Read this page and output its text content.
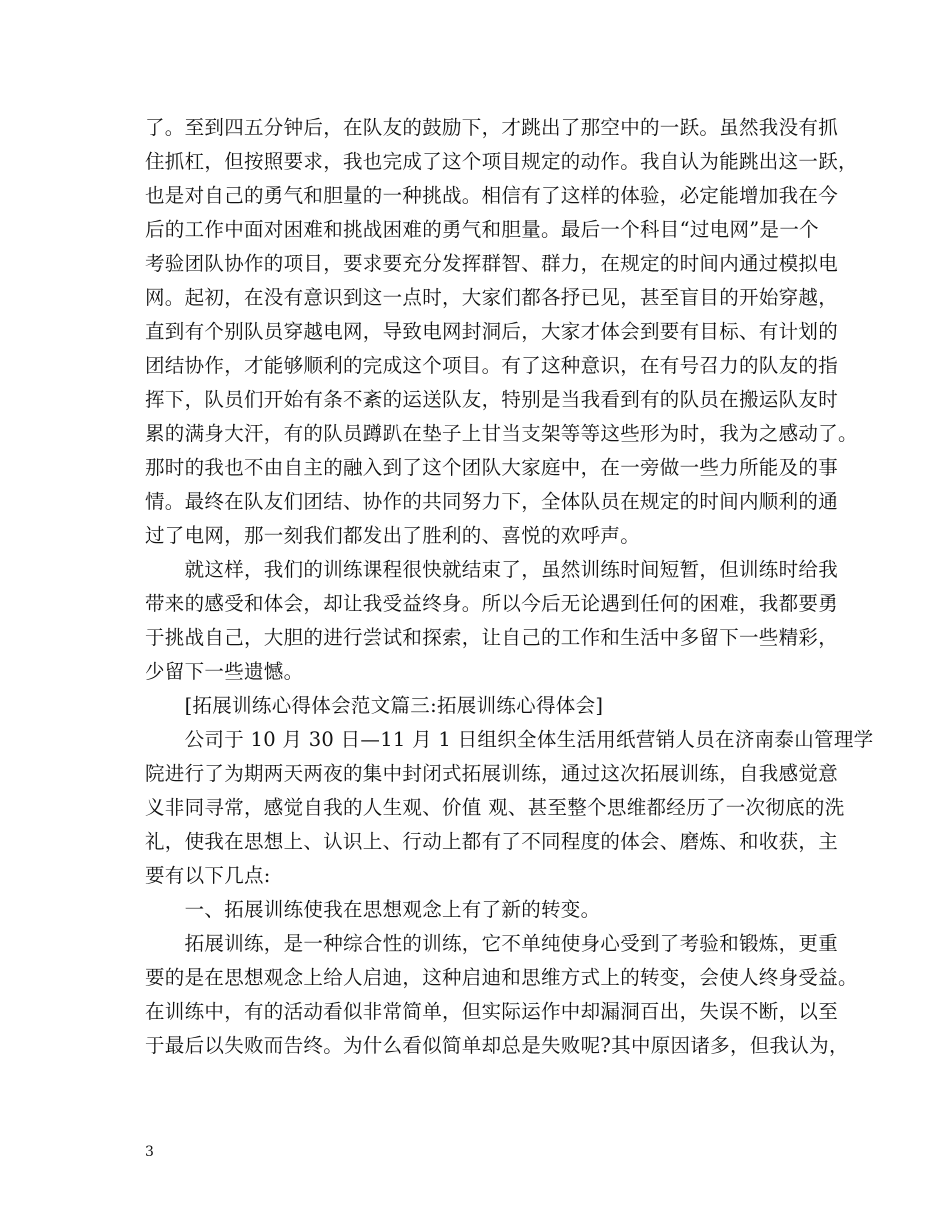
了。至到四五分钟后，在队友的鼓励下，才跳出了那空中的一跃。虽然我没有抓
住抓杠，但按照要求，我也完成了这个项目规定的动作。我自认为能跳出这一跃，
也是对自己的勇气和胆量的一种挑战。相信有了这样的体验，必定能增加我在今
后的工作中面对困难和挑战困难的勇气和胆量。最后一个科目“过电网”是一个
考验团队协作的项目，要求要充分发挥群智、群力，在规定的时间内通过模拟电
网。起初，在没有意识到这一点时，大家们都各抒已见，甚至盲目的开始穿越，
直到有个别队员穿越电网，导致电网封洞后，大家才体会到要有目标、有计划的
团结协作，才能够顺利的完成这个项目。有了这种意识，在有号召力的队友的指
挥下，队员们开始有条不紊的运送队友，特别是当我看到有的队员在搬运队友时
累的满身大汗，有的队员蹲趴在垫子上甘当支架等等这些形为时，我为之感动了。
那时的我也不由自主的融入到了这个团队大家庭中，在一旁做一些力所能及的事
情。最终在队友们团结、协作的共同努力下，全体队员在规定的时间内顺利的通
过了电网，那一刻我们都发出了胜利的、喜悦的欢呼声。
　　就这样，我们的训练课程很快就结束了，虽然训练时间短暂，但训练时给我
带来的感受和体会，却让我受益终身。所以今后无论遇到任何的困难，我都要勇
于挑战自己，大胆的进行尝试和探索，让自己的工作和生活中多留下一些精彩，
少留下一些遗憾。
　　[拓展训练心得体会范文篇三:拓展训练心得体会]
　　公司于 10 月 30 日—11 月 1 日组织全体生活用纸营销人员在济南泰山管理学
院进行了为期两天两夜的集中封闭式拓展训练，通过这次拓展训练，自我感觉意
义非同寻常，感觉自我的人生观、价值 观、甚至整个思维都经历了一次彻底的洗
礼，使我在思想上、认识上、行动上都有了不同程度的体会、磨炼、和收获，主
要有以下几点:
　　一、拓展训练使我在思想观念上有了新的转变。
　　拓展训练，是一种综合性的训练，它不单纯使身心受到了考验和锻炼，更重
要的是在思想观念上给人启迪，这种启迪和思维方式上的转变，会使人终身受益。
在训练中，有的活动看似非常简单，但实际运作中却漏洞百出，失误不断，以至
于最后以失败而告终。为什么看似简单却总是失败呢?其中原因诸多，但我认为，
3
